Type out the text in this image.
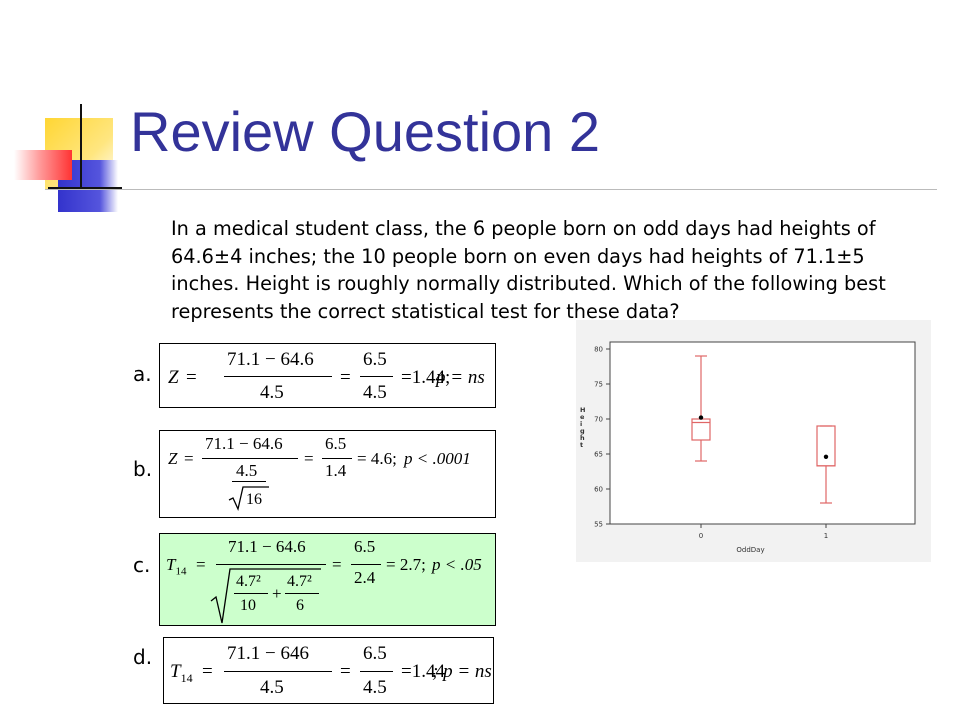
Review Question 2

In a medical student class, the 6 people born on odd days had heights of 64.6±4 inches; the 10 people born on even days had heights of 71.1±5 inches. Height is roughly normally distributed. Which of the following best represents the correct statistical test for these data?

a. Z =
71.1 − 64.6
4.5
=
6.5
4.5
=1.44;
p = ns
b. Z =
71.1 − 64.6
4.5
16
=
6.5
1.4
= 4.6; p < .0001
c. $T_{14}$ =
71.1 − 64.6
4.7²
10
+
4.7²
6
=
6.5
2.4
= 2.7; p < .05
d.
$T_{14}$ =
71.1 − 646
4.5
=
6.5
4.5
=1.44
; p = ns
55
60
65
70
75
80
0	1
OddDay
H
e
i
g
h
t
